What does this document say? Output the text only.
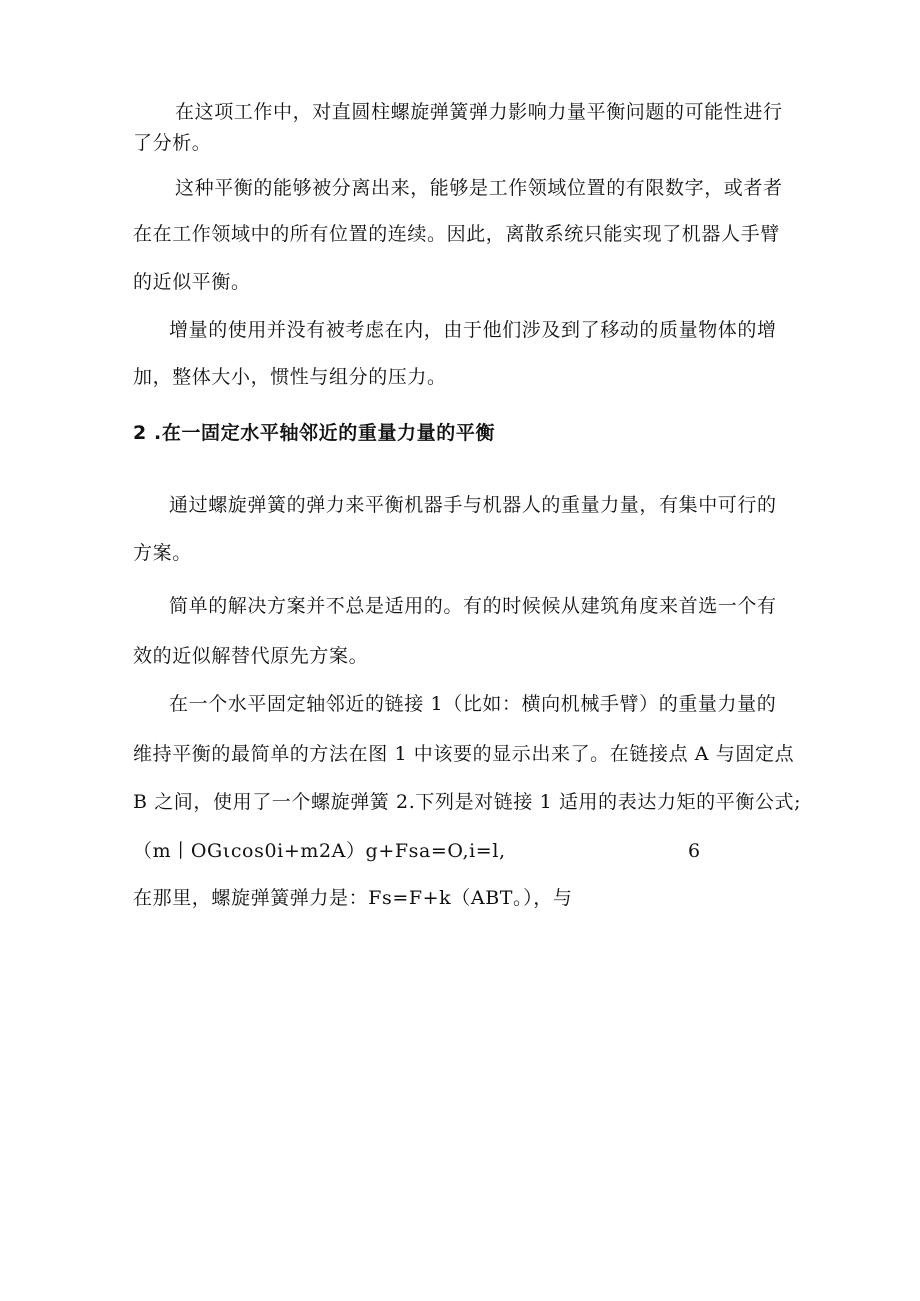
在这项工作中，对直圆柱螺旋弹簧弹力影响力量平衡问题的可能性进行
了分析。
这种平衡的能够被分离出来，能够是工作领域位置的有限数字，或者者
在在工作领域中的所有位置的连续。因此，离散系统只能实现了机器人手臂
的近似平衡。
增量的使用并没有被考虑在内，由于他们涉及到了移动的质量物体的增
加，整体大小，惯性与组分的压力。
2 .在一固定水平轴邻近的重量力量的平衡
通过螺旋弹簧的弹力来平衡机器手与机器人的重量力量，有集中可行的
方案。
简单的解决方案并不总是适用的。有的时候候从建筑角度来首选一个有
效的近似解替代原先方案。
在一个水平固定轴邻近的链接 1（比如：横向机械手臂）的重量力量的
维持平衡的最简单的方法在图 1 中该要的显示出来了。在链接点 A 与固定点
B 之间，使用了一个螺旋弹簧 2.下列是对链接 1 适用的表达力矩的平衡公式;
（m丨OGιcos0i+m2A）g+Fsa=O,i=l,	6
在那里，螺旋弹簧弹力是：Fs=F+k（ABT。），与
